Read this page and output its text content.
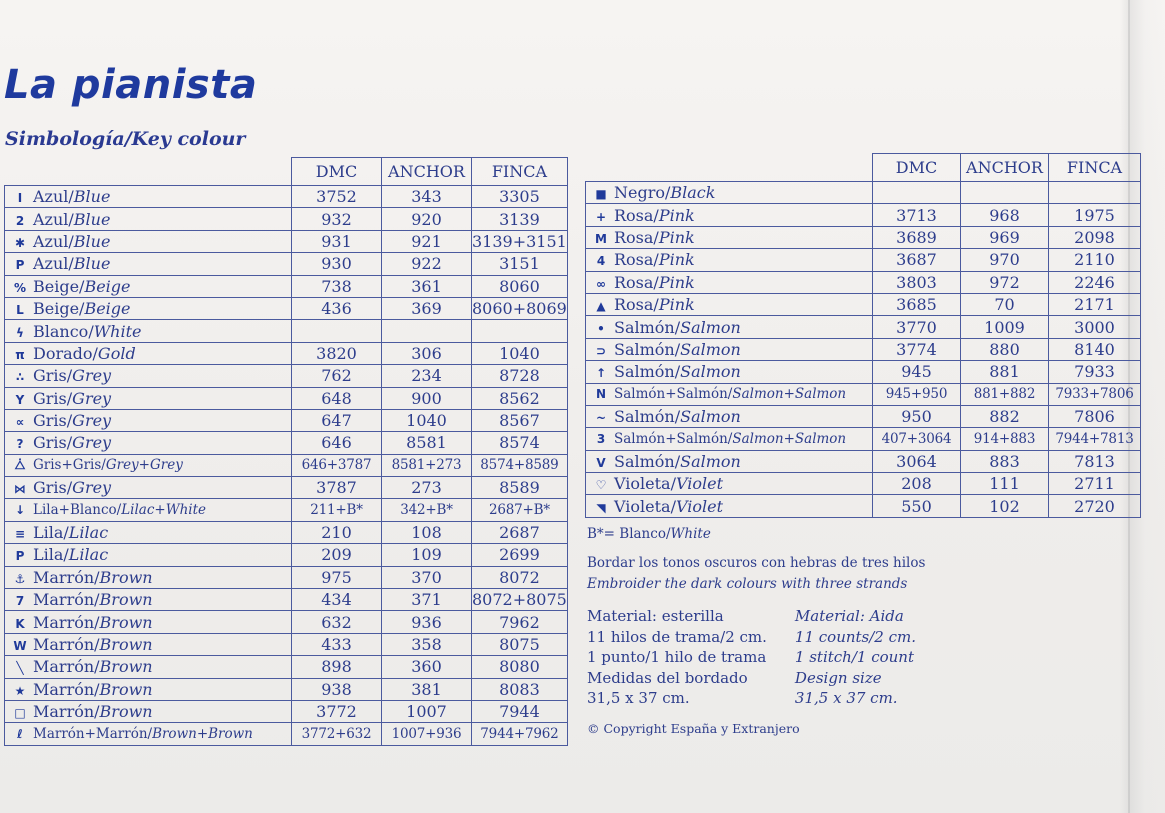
La pianista
Simbología/Key colour
	DMC	ANCHOR	FINCA
I Azul/Blue	3752	343	3305
2 Azul/Blue	932	920	3139
✱ Azul/Blue	931	921	3139+3151
P Azul/Blue	930	922	3151
% Beige/Beige	738	361	8060
L Beige/Beige	436	369	8060+8069
ϟ Blanco/White			
π Dorado/Gold	3820	306	1040
∴ Gris/Grey	762	234	8728
Y Gris/Grey	648	900	8562
∝ Gris/Grey	647	1040	8567
? Gris/Grey	646	8581	8574
⧊ Gris+Gris/Grey+Grey	646+3787	8581+273	8574+8589
⋈ Gris/Grey	3787	273	8589
↓ Lila+Blanco/Lilac+White	211+B*	342+B*	2687+B*
≡ Lila/Lilac	210	108	2687
P Lila/Lilac	209	109	2699
⚓ Marrón/Brown	975	370	8072
7 Marrón/Brown	434	371	8072+8075
K Marrón/Brown	632	936	7962
W Marrón/Brown	433	358	8075
╲ Marrón/Brown	898	360	8080
★ Marrón/Brown	938	381	8083
□ Marrón/Brown	3772	1007	7944
ℓ Marrón+Marrón/Brown+Brown	3772+632	1007+936	7944+7962
	DMC	ANCHOR	FINCA
■ Negro/Black			
+ Rosa/Pink	3713	968	1975
M Rosa/Pink	3689	969	2098
4 Rosa/Pink	3687	970	2110
∞ Rosa/Pink	3803	972	2246
▲ Rosa/Pink	3685	70	2171
• Salmón/Salmon	3770	1009	3000
⊃ Salmón/Salmon	3774	880	8140
↑ Salmón/Salmon	945	881	7933
N Salmón+Salmón/Salmon+Salmon	945+950	881+882	7933+7806
~ Salmón/Salmon	950	882	7806
3 Salmón+Salmón/Salmon+Salmon	407+3064	914+883	7944+7813
V Salmón/Salmon	3064	883	7813
♡ Violeta/Violet	208	111	2711
◥ Violeta/Violet	550	102	2720
B*= Blanco/White
Bordar los tonos oscuros con hebras de tres hilos
Embroider the dark colours with three strands
Material: esterilla
11 hilos de trama/2 cm.
1 punto/1 hilo de trama
Medidas del bordado
31,5 x 37 cm.
Material: Aida
11 counts/2 cm.
1 stitch/1 count
Design size
31,5 x 37 cm.
© Copyright España y Extranjero
